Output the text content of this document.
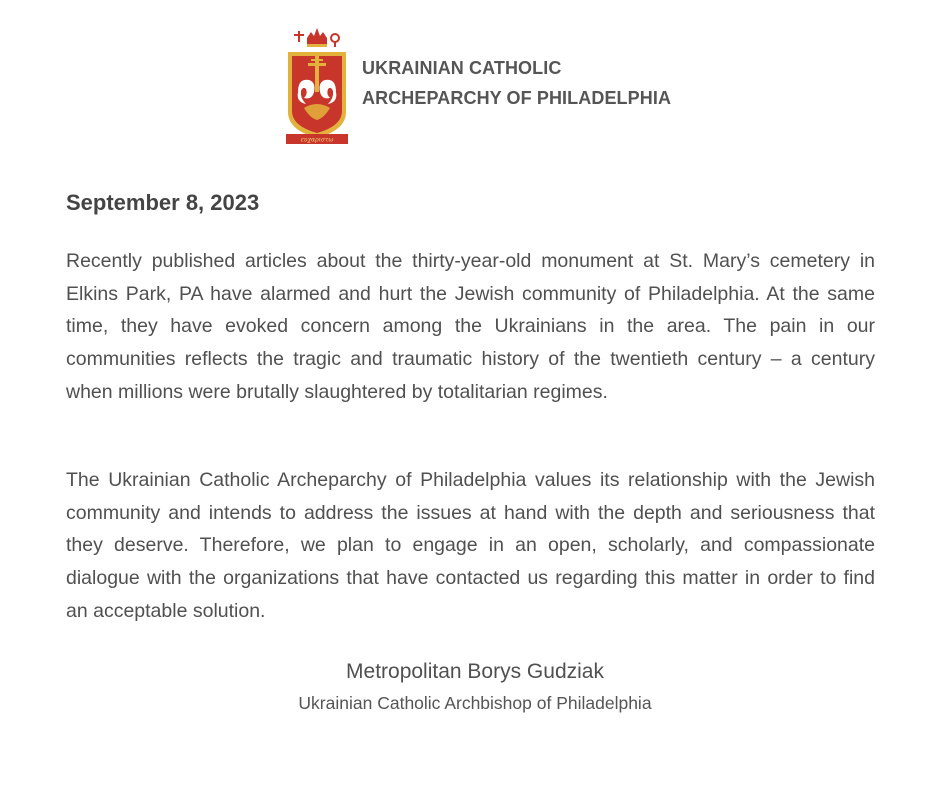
ευχαριστω
UKRAINIAN CATHOLIC
ARCHEPARCHY OF PHILADELPHIA
September 8, 2023

Recently published articles about the thirty-year-old monument at St. Mary’s cemetery in Elkins Park, PA have alarmed and hurt the Jewish community of Philadelphia. At the same time, they have evoked concern among the Ukrainians in the area. The pain in our communities reflects the tragic and traumatic history of the twentieth century – a century when millions were brutally slaughtered by totalitarian regimes.

The Ukrainian Catholic Archeparchy of Philadelphia values its relationship with the Jewish community and intends to address the issues at hand with the depth and seriousness that they deserve. Therefore, we plan to engage in an open, scholarly, and compassionate dialogue with the organizations that have contacted us regarding this matter in order to find an acceptable solution.

Metropolitan Borys Gudziak
Ukrainian Catholic Archbishop of Philadelphia
